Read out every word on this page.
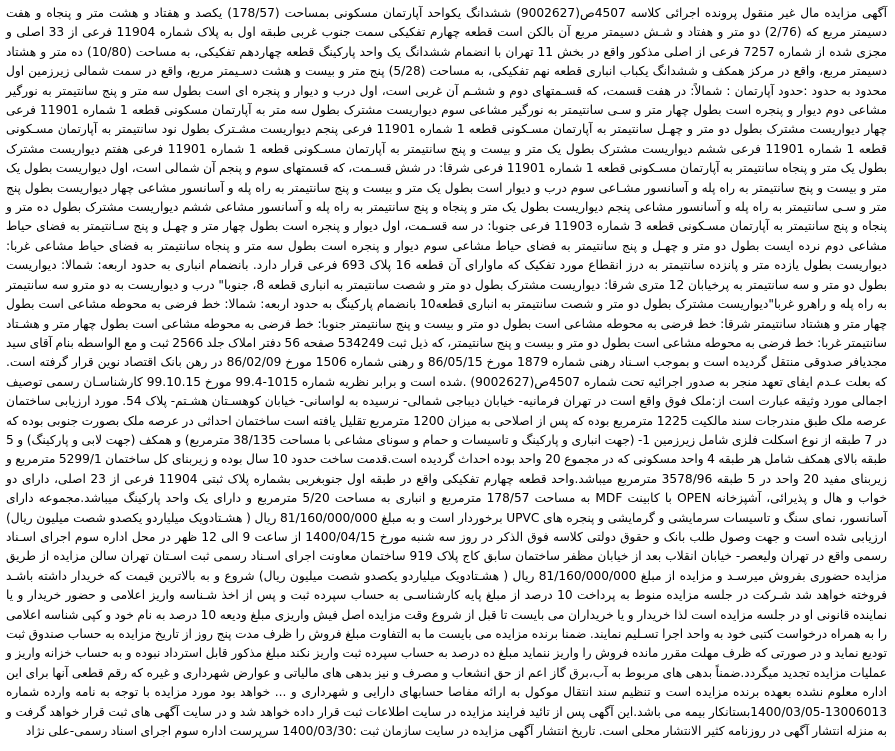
آگهی مزایده مال غیر منقول پرونده اجرائی کلاسه 4507ص(9002627) ششدانگ یکواحد آپارتمان مسکونی بمساحت (178/57) یکصد و هفتاد و هشت متر و پنجاه و هفت دسیمتر مربع که (2/76) دو متر و هفتاد و شـش دسیمتر مربع آن بالکن است قطعه چهارم تفکیکی سمت جنوب غربی طبقه اول به پلاک شماره 11904 فرعی از 33 اصلی و مجزی شده از شماره 7257 فرعی از اصلی مذکور واقع در بخش 11 تهران با انضمام ششدانگ یک واحد پارکینگ قطعه چهاردهم تفکیکی، به مساحت (10/80) ده متر و هشتاد دسیمتر مربع، واقع در مرکز همکف و ششدانگ یکباب انباری قطعه نهم تفکیکی، به مساحت (5/28) پنج متر و بیست و هشت دسـیمتر مربع، واقع در سمت شمالی زیرزمین اول محدود به حدود :حدود آپارتمان : شمالاً: در هفت قسمت، که قسـمتهای دوم و ششـم آن غربی است، اول درب و دیوار و پنجره ای است بطول سه متر و پنج سانتیمتر به نورگیر مشاعی دوم دیوار و پنجره است بطول چهار متر و سـی سانتیمتر به نورگیر مشاعی سوم دیواریست مشترک بطول سه متر به آپارتمان مسکونی قطعه 1 شماره 11901 فرعی چهار دیواریست مشترک بطول دو متر و چهـل سانتیمتر به آپارتمان مسـکونی قطعه 1 شماره 11901 فرعی پنجم دیواریست مشـترک بطول نود سانتیمتر به آپارتمان مسـکونی قطعه 1 شماره 11901 فرعی ششم دیواریست مشترک بطول یک متر و بیست و پنج سانتیمتر به آپارتمان مسـکونی قطعه 1 شماره 11901 فرعی هفتم دیواریست مشترک بطول یک متر و پنجاه سانتیمتر به آپارتمان مسـکونی قطعه 1 شماره 11901 فرعی شرقا: در شش قسـمت، که قسمتهای سوم و پنجم آن شمالی است، اول دیواریست بطول یک متر و بیست و پنج سانتیمتر به راه پله و آسانسور مشـاعی سوم درب و دیوار است بطول یک متر و بیست و پنج سانتیمتر به راه پله و آسانسور مشاعی چهار دیواریست بطول پنج متر و سـی سانتیمتر به راه پله و آسانسور مشاعی پنجم دیواریست بطول یک متر و پنجاه و پنج سانتیمتر به راه پله و آسانسور مشاعی ششم دیواریست مشترک بطول ده متر و پنجاه و پنج سانتیمتر به آپارتمان مسـکونی قطعه 3 شماره 11903 فرعی جنوبا: در سه قسـمت، اول دیوار و پنجره است بطول چهار متر و چهـل و پنج سـانتیمتر به فضای حیاط مشاعی دوم نرده ایست بطول دو متر و چهـل و پنج سانتیمتر به فضای حیاط مشاعی سوم دیوار و پنجره است بطول سه متر و پنجاه سانتیمتر به فضای حیاط مشاعی غربا: دیواریست بطول یازده متر و پانزده سانتیمتر به درز انقطاع مورد تفکیک که ماوارای آن قطعه 16 پلاک 693 فرعی قرار دارد. بانضمام انباری به حدود اربعه: شمالا: دیواریست بطول دو متر و سه سانتیمتر به پرخیابان 12 متری شرقا: دیواریست مشترک بطول دو متر و شصت سانتیمتر به انباری قطعه 8، جنوبا" درب و دیواریست به دو مترو سه سانتیمتر به راه پله و راهرو غربا"دیواریست مشترک بطول دو متر و شصت سانتیمتر به انباری قطعه10 بانضمام پارکینگ به حدود اربعه: شمالا: خط فرضی به محوطه مشاعی است بطول چهار متر و هشتاد سانتیمتر شرقا: خط فرضی به محوطه مشاعی است بطول دو متر و بیست و پنج سانتیمتر جنوبا: خط فرضی به محوطه مشاعی است بطول چهار متر و هشـتاد سانتیمتر غربا: خط فرضی به محوطه مشاعی است بطول دو متر و بیست و پنج سانتیمتر، که ذیل ثبت 534249 صفحه 56 دفتر املاک جلد 2566 ثبت و مع الواسطه بنام آقای سید مجدیافر صدوقی منتقل گردیده است و بموجب اسـناد رهنی شماره 1879 مورخ 86/05/15 و رهنی شماره 1506 مورخ 86/02/09 در رهن بانک اقتصاد نوین قرار گرفته است. که بعلت عـدم ایفای تعهد منجر به صدور اجرائیه تحت شماره 4507ص(9002627) .شده است و برابر نظریه شماره 1015-99.4 مورخ 99.10.15 کارشناسـان رسمی توصیف اجمالی مورد وثیقه عبارت است از:ملک فوق واقع است در تهران فرمانیه- خیابان دیباجی شمالی- نرسیده به لواسانی- خیابان کوهسـتان هشـتم- پلاک 54. مورد ارزیابی ساختمان عرصه ملک طبق مندرجات سند مالکیت 1225 مترمربع بوده که پس از اصلاحی به میزان 1200 مترمربع تقلیل یافته است ساختمان احداثی در عرصه ملک بصورت جنوبی بوده که در 7 طبقه از نوع اسکلت فلزی شامل زیرزمین 1- (جهت انباری و پارکینگ و تاسیسات و حمام و سونای مشاعی با مساحت 38/135 مترمربع) و همکف (جهت لابی و پارکینگ) و 5 طبقه بالای همکف شامل هر طبقه 4 واحد مسکونی که در مجموع 20 واحد بوده احداث گردیده است.قدمت ساخت حدود 10 سال بوده و زیربنای کل ساختمان 5299/1 مترمربع و زیربنای مفید 20 واحد در 5 طبقه 3578/96 مترمربع میباشد.واحد قطعه چهارم تفکیکی واقع در طبقه اول جنوبغربی بشماره پلاک ثبتی 11904 فرعی از 23 اصلی، دارای دو خواب و هال و پذیرائی، آشپزخانه OPEN با کابینت MDF به مساحت 178/57 مترمربع و انباری به مساحت 5/20 مترمربع و دارای یک واحد پارکینگ میباشد.مجموعه دارای آسانسور، نمای سنگ و تاسیسات سرمایشی و گرمایشی و پنجره های UPVC برخوردار است و به مبلغ 81/160/000/000 ریال ( هشـتادویک میلیاردو یکصدو شصت میلیون ریال) ارزیابی شده است و جهت وصول طلب بانک و حقوق دولتی کلاسه فوق الذکر در روز سه شنبه مورخ 1400/04/15 از ساعت 9 الی 12 ظهر در محل اداره سوم اجرای اسـناد رسمی واقع در تهران ولیعصر- خیابان انقلاب بعد از خیابان مظفر ساختمان سابق کاج پلاک 919 ساختمان معاونت اجرای اسـناد رسمی ثبت اسـتان تهران سالن مزایده از طریق مزایده حضوری بفروش میرسـد و مزایده از مبلغ 81/160/000/000 ریال ( هشـتادویک میلیاردو یکصدو شصت میلیون ریال) شروع و به بالاترین قیمت که خریدار داشته باشـد فروخته خواهد شد شـرکت در جلسه مزایده منوط به پرداخت 10 درصد از مبلغ پایه کارشناسـی به حساب سپرده ثبت و پس از اخذ شـناسه واریز اعلامی و حضور خریدار و یا نماینده قانونی او در جلسه مزایده است لذا خریدار و یا خریداران می بایست تا قبل از شروع وقت مزایده اصل فیش واریزی مبلغ ودیعه 10 درصد به نام خود و کپی شناسه اعلامی را به همراه درخواست کتبی خود به واحد اجرا تسـلیم نمایند. ضمنا برنده مزایده می بایست ما به التفاوت مبلغ فروش را ظرف مدت پنج روز از تاریخ مزایده به حساب صندوق ثبت تودیع نماید و در صورتی که ظرف مهلت مقرر مانده فروش را واریز ننماید مبلغ ده درصد به حساب سپرده ثبت واریز نکند مبلغ مذکور قابل استرداد نبوده و به حساب خزانه واریز و عملیات مزایده تجدید میگردد.ضمناً بدهی های مربوط به آب،برق گاز اعم از حق انشعاب و مصرف و نیز بدهی های مالیاتی و عوارض شهرداری و غیره که رقم قطعی آنها برای این اداره معلوم نشده بعهده برنده مزایده است و تنظیم سند انتقال موکول به ارائه مفاصا حسابهای دارایی و شهرداری و ... خواهد بود مورد مزایده با توجه به نامه وارده شماره 13006013-1400/03/05بستانکار بیمه می باشد.این آگهی پس از تائید فرایند مزایده در سایت اطلاعات ثبت قرار داده خواهد شد و در سایت آگهی های ثبت قرار خواهد گرفت و به منزله انتشار آگهی در روزنامه کثیر الانتشار محلی است. تاریخ انتشار آگهی مزایده در سایت سازمان ثبت :1400/03/30 سرپرست اداره سوم اجرای اسناد رسمی-علی نژاد
